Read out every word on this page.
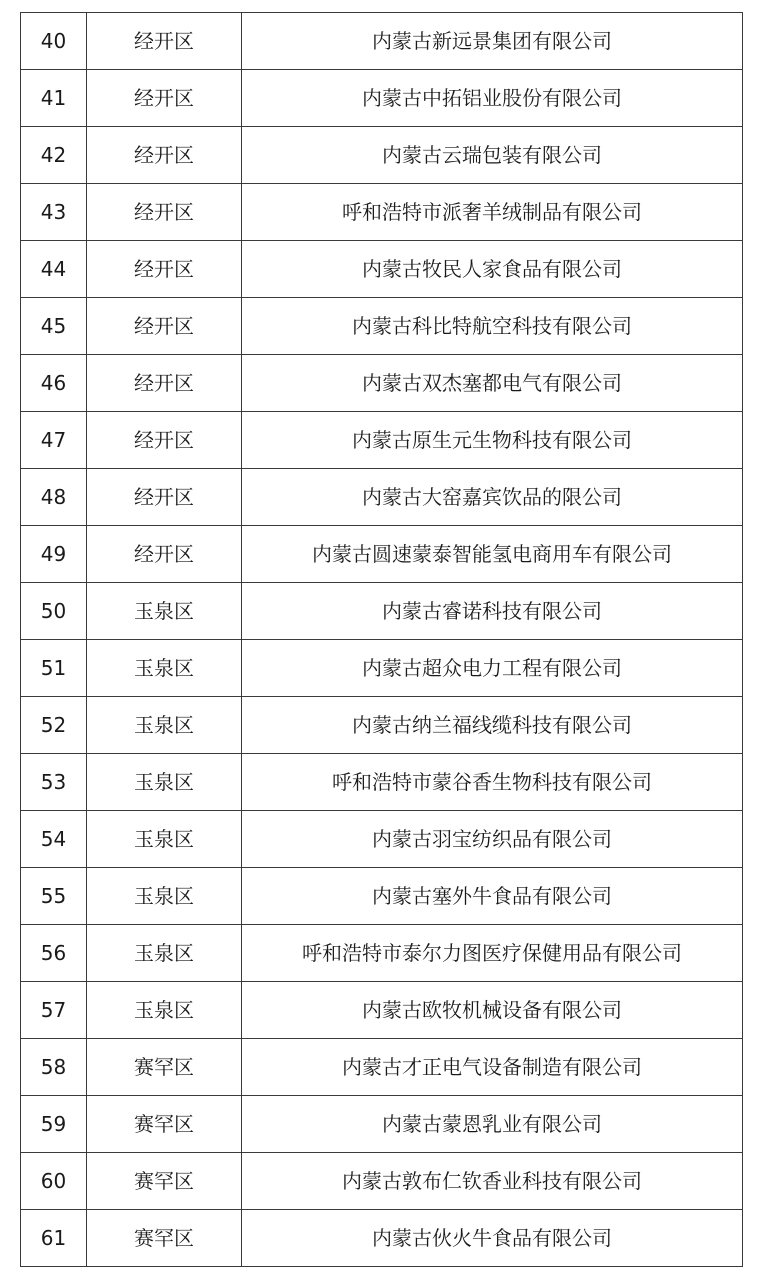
40	经开区	内蒙古新远景集团有限公司
41	经开区	内蒙古中拓铝业股份有限公司
42	经开区	内蒙古云瑞包装有限公司
43	经开区	呼和浩特市派奢羊绒制品有限公司
44	经开区	内蒙古牧民人家食品有限公司
45	经开区	内蒙古科比特航空科技有限公司
46	经开区	内蒙古双杰塞都电气有限公司
47	经开区	内蒙古原生元生物科技有限公司
48	经开区	内蒙古大窑嘉宾饮品的限公司
49	经开区	内蒙古圆速蒙泰智能氢电商用车有限公司
50	玉泉区	内蒙古睿诺科技有限公司
51	玉泉区	内蒙古超众电力工程有限公司
52	玉泉区	内蒙古纳兰福线缆科技有限公司
53	玉泉区	呼和浩特市蒙谷香生物科技有限公司
54	玉泉区	内蒙古羽宝纺织品有限公司
55	玉泉区	内蒙古塞外牛食品有限公司
56	玉泉区	呼和浩特市泰尔力图医疗保健用品有限公司
57	玉泉区	内蒙古欧牧机械设备有限公司
58	赛罕区	内蒙古才正电气设备制造有限公司
59	赛罕区	内蒙古蒙恩乳业有限公司
60	赛罕区	内蒙古敦布仁钦香业科技有限公司
61	赛罕区	内蒙古伙火牛食品有限公司
